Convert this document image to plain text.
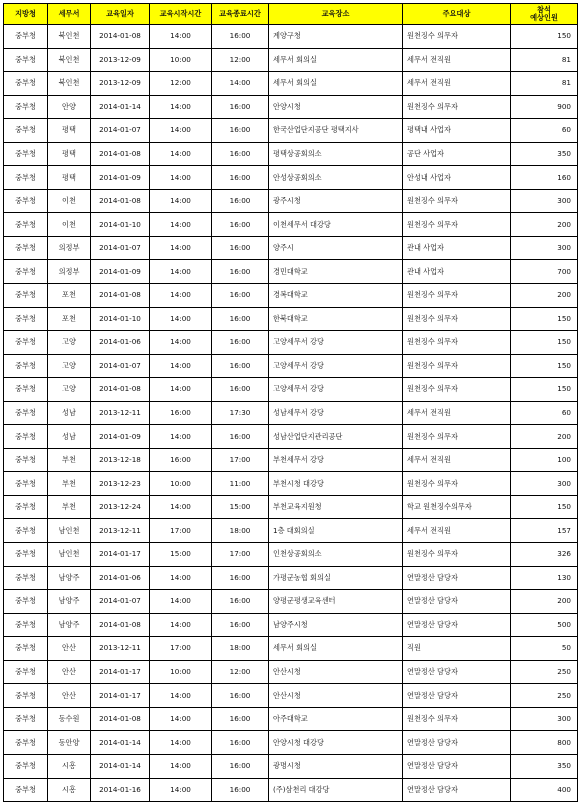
지방청	세무서	교육일자	교육시작시간	교육종료시간	교육장소	주요대상	참석
예상인원
중부청	북인천	2014-01-08	14:00	16:00	계양구청	원천징수 의무자	150
중부청	북인천	2013-12-09	10:00	12:00	세무서 회의실	세무서 전직원	81
중부청	북인천	2013-12-09	12:00	14:00	세무서 회의실	세무서 전직원	81
중부청	안양	2014-01-14	14:00	16:00	안양시청	원천징수 의무자	900
중부청	평택	2014-01-07	14:00	16:00	한국산업단지공단 평택지사	평택내 사업자	60
중부청	평택	2014-01-08	14:00	16:00	평택상공회의소	공단 사업자	350
중부청	평택	2014-01-09	14:00	16:00	안성상공회의소	안성내 사업자	160
중부청	이천	2014-01-08	14:00	16:00	광주시청	원천징수 의무자	300
중부청	이천	2014-01-10	14:00	16:00	이천세무서 대강당	원천징수 의무자	200
중부청	의정부	2014-01-07	14:00	16:00	양주시	관내 사업자	300
중부청	의정부	2014-01-09	14:00	16:00	경민대학교	관내 사업자	700
중부청	포천	2014-01-08	14:00	16:00	경복대학교	원천징수 의무자	200
중부청	포천	2014-01-10	14:00	16:00	한북대학교	원천징수 의무자	150
중부청	고양	2014-01-06	14:00	16:00	고양세무서 강당	원천징수 의무자	150
중부청	고양	2014-01-07	14:00	16:00	고양세무서 강당	원천징수 의무자	150
중부청	고양	2014-01-08	14:00	16:00	고양세무서 강당	원천징수 의무자	150
중부청	성남	2013-12-11	16:00	17:30	성남세무서 강당	세무서 전직원	60
중부청	성남	2014-01-09	14:00	16:00	성남산업단지관리공단	원천징수 의무자	200
중부청	부천	2013-12-18	16:00	17:00	부천세무서 강당	세무서 전직원	100
중부청	부천	2013-12-23	10:00	11:00	부천시청 대강당	원천징수 의무자	300
중부청	부천	2013-12-24	14:00	15:00	부천교육지원청	학교 원천징수의무자	150
중부청	남인천	2013-12-11	17:00	18:00	1층 대회의실	세무서 전직원	157
중부청	남인천	2014-01-17	15:00	17:00	인천상공회의소	원천징수 의무자	326
중부청	남양주	2014-01-06	14:00	16:00	가평군농협 회의실	연말정산 담당자	130
중부청	남양주	2014-01-07	14:00	16:00	양평군평생교육센터	연말정산 담당자	200
중부청	남양주	2014-01-08	14:00	16:00	남양주시청	연말정산 담당자	500
중부청	안산	2013-12-11	17:00	18:00	세무서 회의실	직원	50
중부청	안산	2014-01-17	10:00	12:00	안산시청	연말정산 담당자	250
중부청	안산	2014-01-17	14:00	16:00	안산시청	연말정산 담당자	250
중부청	동수원	2014-01-08	14:00	16:00	아주대학교	원천징수 의무자	300
중부청	동안양	2014-01-14	14:00	16:00	안양시청 대강당	연말정산 담당자	800
중부청	시흥	2014-01-14	14:00	16:00	광명시청	연말정산 담당자	350
중부청	시흥	2014-01-16	14:00	16:00	(주)삼천리 대강당	연말정산 담당자	400
